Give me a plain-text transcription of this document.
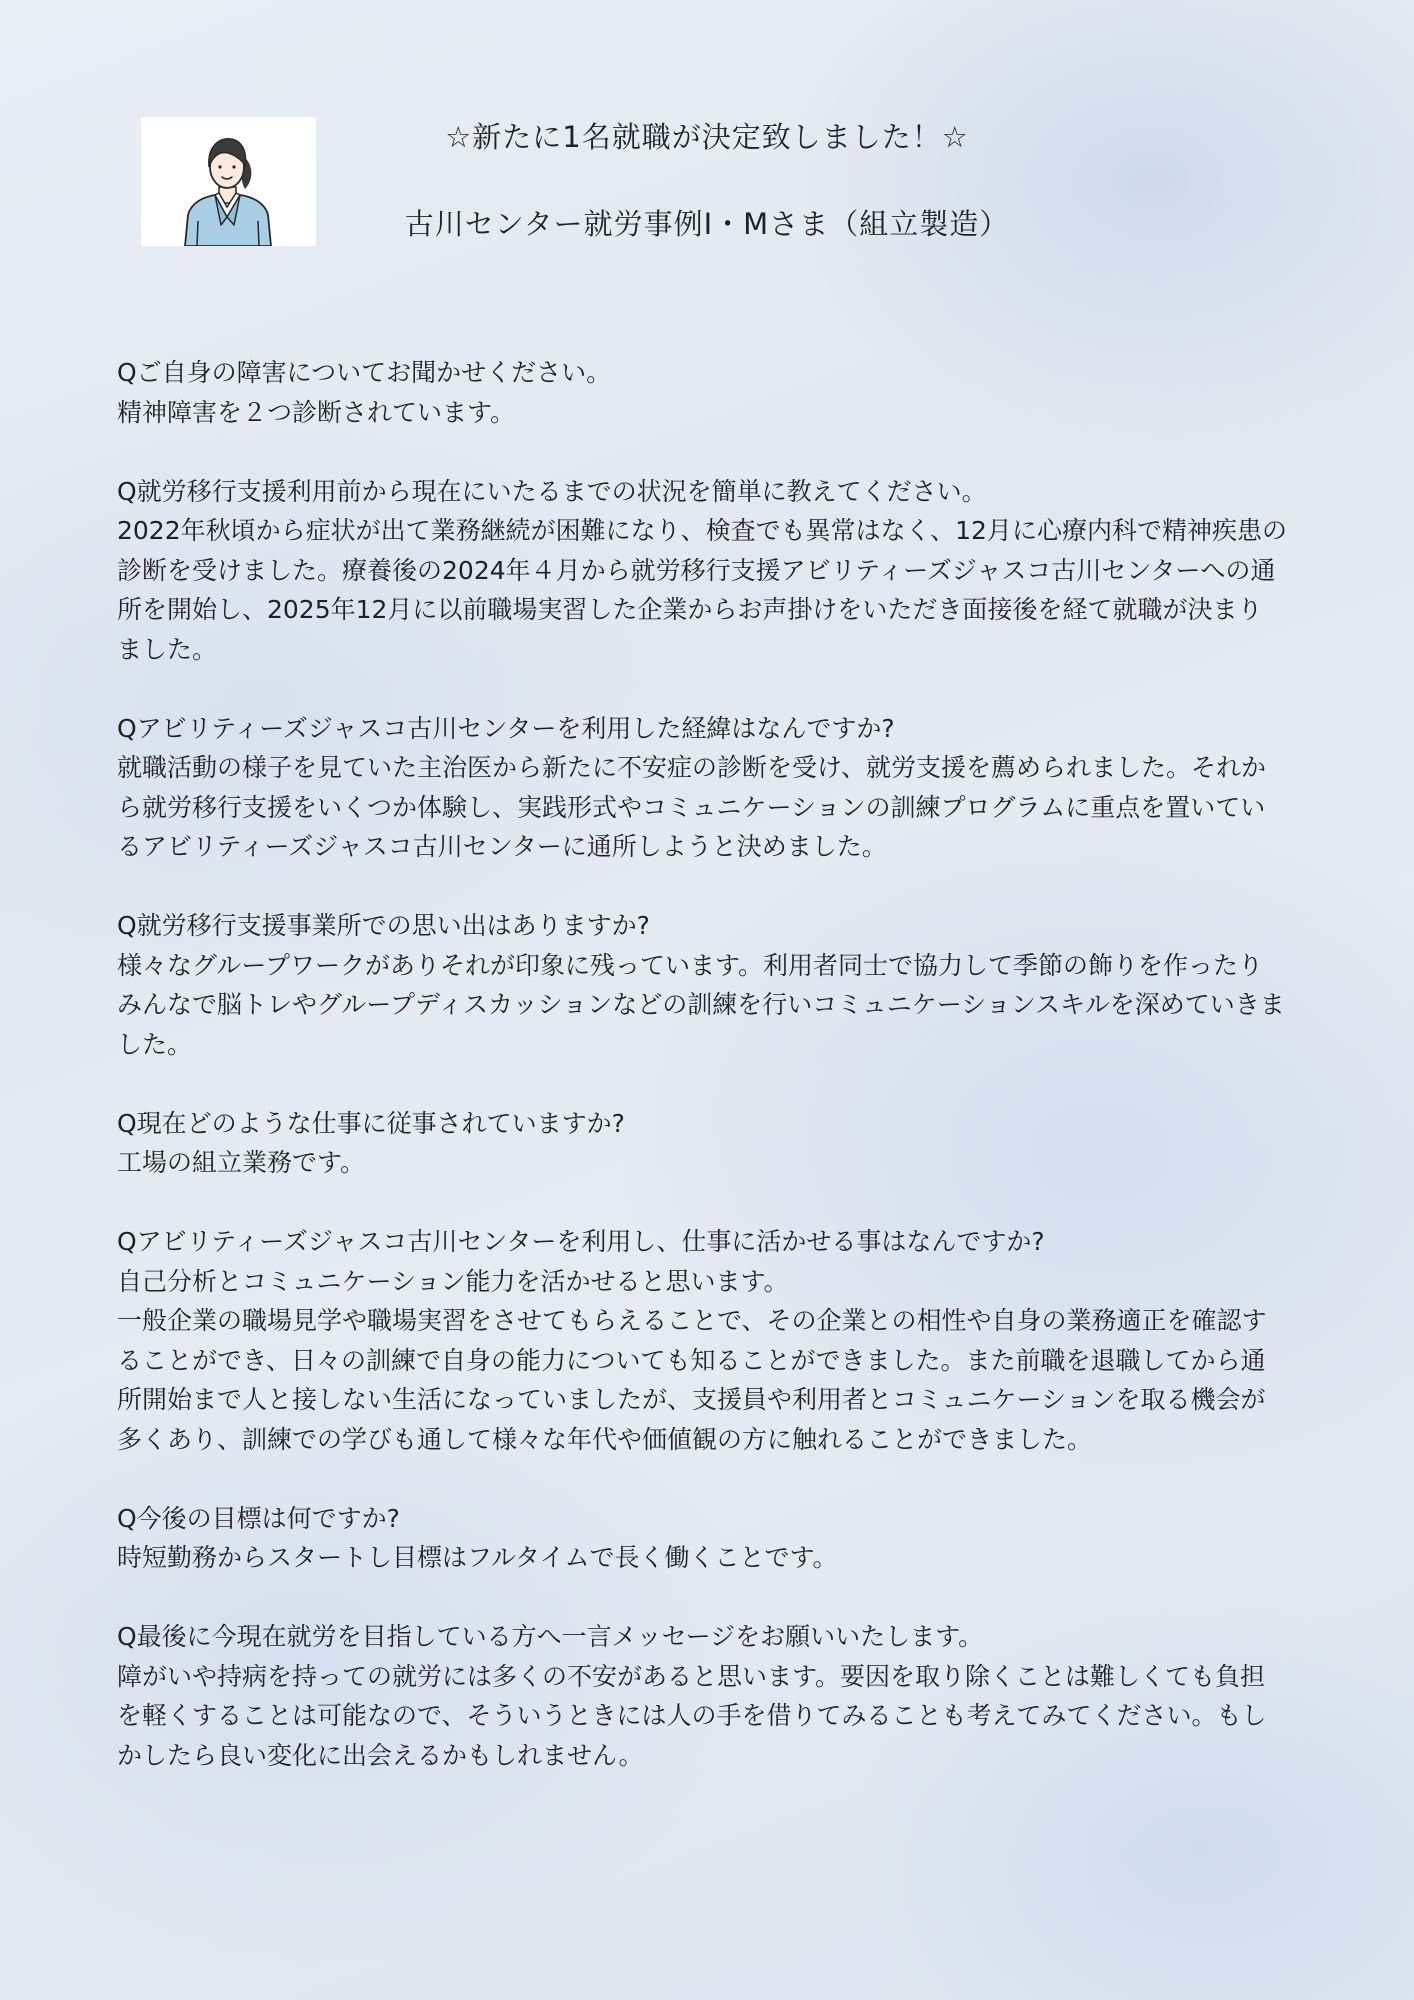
☆新たに1名就職が決定致しました！☆
古川センター就労事例I・Mさま（組立製造）

Qご自身の障害についてお聞かせください。

精神障害を２つ診断されています。

Q就労移行支援利用前から現在にいたるまでの状況を簡単に教えてください。

2022年秋頃から症状が出て業務継続が困難になり、検査でも異常はなく、12月に心療内科で精神疾患の診断を受けました。療養後の2024年４月から就労移行支援アビリティーズジャスコ古川センターへの通所を開始し、2025年12月に以前職場実習した企業からお声掛けをいただき面接後を経て就職が決まりました。

Qアビリティーズジャスコ古川センターを利用した経緯はなんですか?

就職活動の様子を見ていた主治医から新たに不安症の診断を受け、就労支援を薦められました。それから就労移行支援をいくつか体験し、実践形式やコミュニケーションの訓練プログラムに重点を置いているアビリティーズジャスコ古川センターに通所しようと決めました。

Q就労移行支援事業所での思い出はありますか?

様々なグループワークがありそれが印象に残っています。利用者同士で協力して季節の飾りを作ったりみんなで脳トレやグループディスカッションなどの訓練を行いコミュニケーションスキルを深めていきました。

Q現在どのような仕事に従事されていますか?

工場の組立業務です。

Qアビリティーズジャスコ古川センターを利用し、仕事に活かせる事はなんですか?

自己分析とコミュニケーション能力を活かせると思います。

一般企業の職場見学や職場実習をさせてもらえることで、その企業との相性や自身の業務適正を確認することができ、日々の訓練で自身の能力についても知ることができました。また前職を退職してから通所開始まで人と接しない生活になっていましたが、支援員や利用者とコミュニケーションを取る機会が多くあり、訓練での学びも通して様々な年代や価値観の方に触れることができました。

Q今後の目標は何ですか?

時短勤務からスタートし目標はフルタイムで長く働くことです。

Q最後に今現在就労を目指している方へ一言メッセージをお願いいたします。

障がいや持病を持っての就労には多くの不安があると思います。要因を取り除くことは難しくても負担を軽くすることは可能なので、そういうときには人の手を借りてみることも考えてみてください。もしかしたら良い変化に出会えるかもしれません。
